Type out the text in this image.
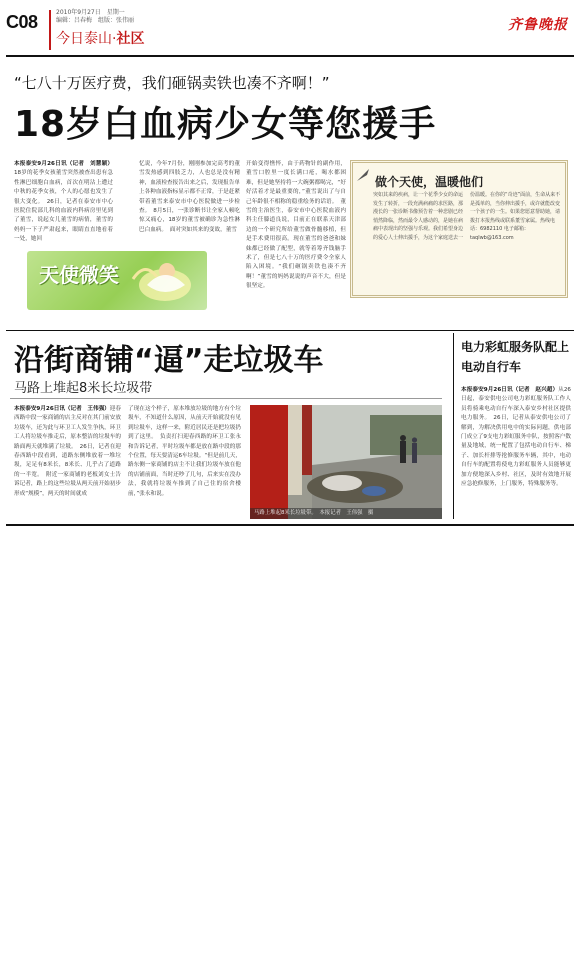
C08	2010年9月27日　星期一
编辑：吕春梅　组版：张伟丽
今日泰山·社区
齐鲁晚报
“七八十万医疗费，我们砸锅卖铁也凑不齐啊！”
18岁白血病少女等您援手
本报泰安9月26日讯（记者　刘慧颖）18岁的花季女孩董雪突然被查出患有急性淋巴细胞白血病，首次在明沾上遭过中秋的花季女孩，个人的心愿也发生了很大变化。　26日，记者在泰安市中心医院住院部儿科的血液内科病房里见到了董雪，说起女儿董雪的病情，董雪的妈妈一下子严肃起来，眼睛直直地看着一处，她回
忆说，今年7月份，刚刚参加完高考的董雪发热感到四肢乏力，人也总是没有精神，血液检查报告出来之后，发现报告单上各种血液指标显示都不正常，于是赶紧带着董雪来泰安市中心医院做进一步检查。　8月5日，一张诊断书让全家人顿吃惊又痛心，18岁的董雪被确诊为急性淋巴白血病。　面对突如其来的变故，董雪
开始变得憔悴，由于药物针的副作用，董雪口腔里一度长满口疮，喝水都困难，但是她坚持将一大碗粥都喝完，“好好活着才是最重要的，”董雪说出了与自己年龄很不相称的稳重绘务的话语。　董雪的主治医生，泰安市中心医院血液内科主任滕道良说，目前正在联系天津部边的一个研究所给董雪做骨髓移植，但是手术费用很高。现在董雪的爸爸和妹妹都已经做了配型，就等着筹齐钱脑手术了，但是七八十万的医疗费令全家人陷入困境。“我们砸锅卖铁也凑不齐啊！”董雪的妈妈说说的声音不大，但是很坚定。
做个天使，温暖他们
突如其来的疾病，让一个花季少女的命运发生了转折，一段充满病痛的求医路，那漫长的一张诊断书像预告着一种悲剧已经悄然降临，然而最令人感动的，是她在病痛中表现出的坚强与乐观。我们希望身边的爱心人士伸出援手，为这个家庭送去一份温暖。在你的“奇迹”面前，生命从来不是孤单的，当你伸出援手，或许就能改变一个孩子的一生。如果您愿意帮助她，请拨打本报热线或联系董雪家属。热线电话：6982110 电子邮箱：taqlwb@163.com
天使微笑
沿街商铺“逼”走垃圾车
马路上堆起8米长垃圾带
本报泰安9月26日讯（记者　王伟强）迎春西路中段一家商铺的店主反对在其门前安放垃圾车，还为此与环卫工人发生争执，环卫工人将垃圾车推走后，原本整洁的垃圾车的路面两天就堆满了垃圾。　26日，记者在迎春西路中段看到，道路东侧堆放着一堆垃圾，足足有8米长，8米长、几乎占了道路的一半宽。　附近一家商铺的老板刘女士告诉记者，路上的这些垃圾从两天前开始初步形成“规模”，两天的时间就成
了现在这个样子，原本堆放垃圾的地方有个垃圾车，不知道什么原因，从前天开始就没有见到垃圾车，这样一来，附近居民还是把垃圾扔到了这里。　负责打扫迎春西路的环卫工张永和告诉记者，平时垃圾车都是放在路中段的那个位置，每天要清运6车垃圾。“但是前几天，路东侧一家商铺的店主不让我们垃圾车放在他的店铺前面，当时还吵了几句，后来实在没办法，我就将垃圾车推到了自己住的宿舍楼前，”张永和说。
马路上堆起8米长垃圾带。　本报记者　王伟强　摄
电力彩虹服务队配上电动自行车
本报泰安9月26日讯（记者　赵兴超）从26日起，泰安供电公司电力彩虹服务队工作人员将骑乘电动自行车深入泰安乡村社区提供电力服务。　26日，记者从泰安供电公司了解到，为解决供用电中的实际问题，供电部门成立了9支电力彩虹服务中队，按照客户数量及地域，统一配置了包括电动自行车、梯子、加长杆排等抢修服务车辆，其中，电动自行车的配置将使电力彩虹服务人员能够更加方便地深入乡村、社区，及时有效地开展应急抢修服务，上门服务，特殊服务等。
